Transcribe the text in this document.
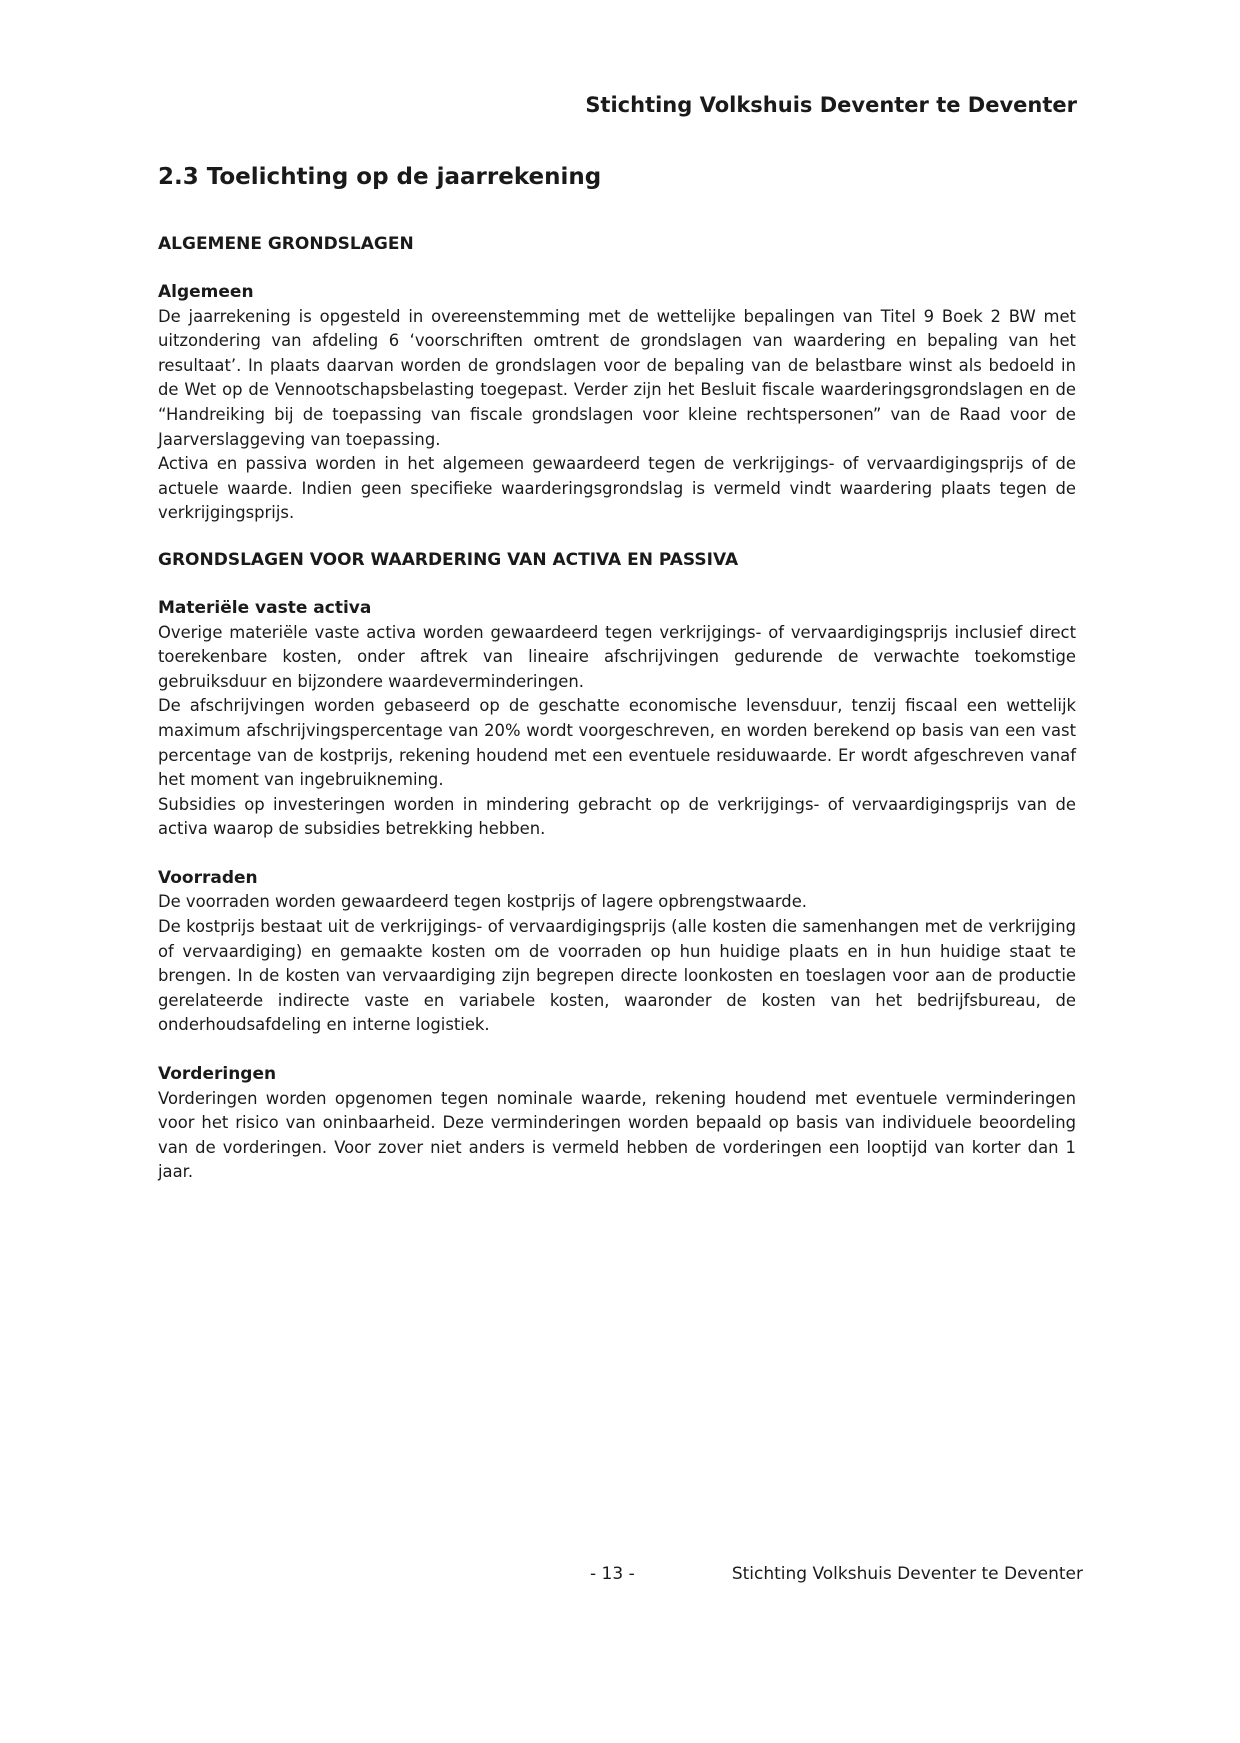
Stichting Volkshuis Deventer te Deventer
2.3 Toelichting op de jaarrekening
ALGEMENE GRONDSLAGEN
Algemeen

De jaarrekening is opgesteld in overeenstemming met de wettelijke bepalingen van Titel 9 Boek 2 BW met uitzondering van afdeling 6 ‘voorschriften omtrent de grondslagen van waardering en bepaling van het resultaat’. In plaats daarvan worden de grondslagen voor de bepaling van de belastbare winst als bedoeld in de Wet op de Vennootschapsbelasting toegepast. Verder zijn het Besluit fiscale waarderingsgrondslagen en de “Handreiking bij de toepassing van fiscale grondslagen voor kleine rechtspersonen” van de Raad voor de Jaarverslaggeving van toepassing.

Activa en passiva worden in het algemeen gewaardeerd tegen de verkrijgings- of vervaardigingsprijs of de actuele waarde. Indien geen specifieke waarderingsgrondslag is vermeld vindt waardering plaats tegen de verkrijgingsprijs.

GRONDSLAGEN VOOR WAARDERING VAN ACTIVA EN PASSIVA
Materiële vaste activa

Overige materiële vaste activa worden gewaardeerd tegen verkrijgings- of vervaardigingsprijs inclusief direct toerekenbare kosten, onder aftrek van lineaire afschrijvingen gedurende de verwachte toekomstige gebruiksduur en bijzondere waardeverminderingen.

De afschrijvingen worden gebaseerd op de geschatte economische levensduur, tenzij fiscaal een wettelijk maximum afschrijvingspercentage van 20% wordt voorgeschreven, en worden berekend op basis van een vast percentage van de kostprijs, rekening houdend met een eventuele residuwaarde. Er wordt afgeschreven vanaf het moment van ingebruikneming.

Subsidies op investeringen worden in mindering gebracht op de verkrijgings- of vervaardigingsprijs van de activa waarop de subsidies betrekking hebben.

Voorraden

De voorraden worden gewaardeerd tegen kostprijs of lagere opbrengstwaarde.

De kostprijs bestaat uit de verkrijgings- of vervaardigingsprijs (alle kosten die samenhangen met de verkrijging of vervaardiging) en gemaakte kosten om de voorraden op hun huidige plaats en in hun huidige staat te brengen. In de kosten van vervaardiging zijn begrepen directe loonkosten en toeslagen voor aan de productie gerelateerde indirecte vaste en variabele kosten, waaronder de kosten van het bedrijfsbureau, de onderhoudsafdeling en interne logistiek.

Vorderingen

Vorderingen worden opgenomen tegen nominale waarde, rekening houdend met eventuele verminderingen voor het risico van oninbaarheid. Deze verminderingen worden bepaald op basis van individuele beoordeling van de vorderingen. Voor zover niet anders is vermeld hebben de vorderingen een looptijd van korter dan 1 jaar.

- 13 -	Stichting Volkshuis Deventer te Deventer
